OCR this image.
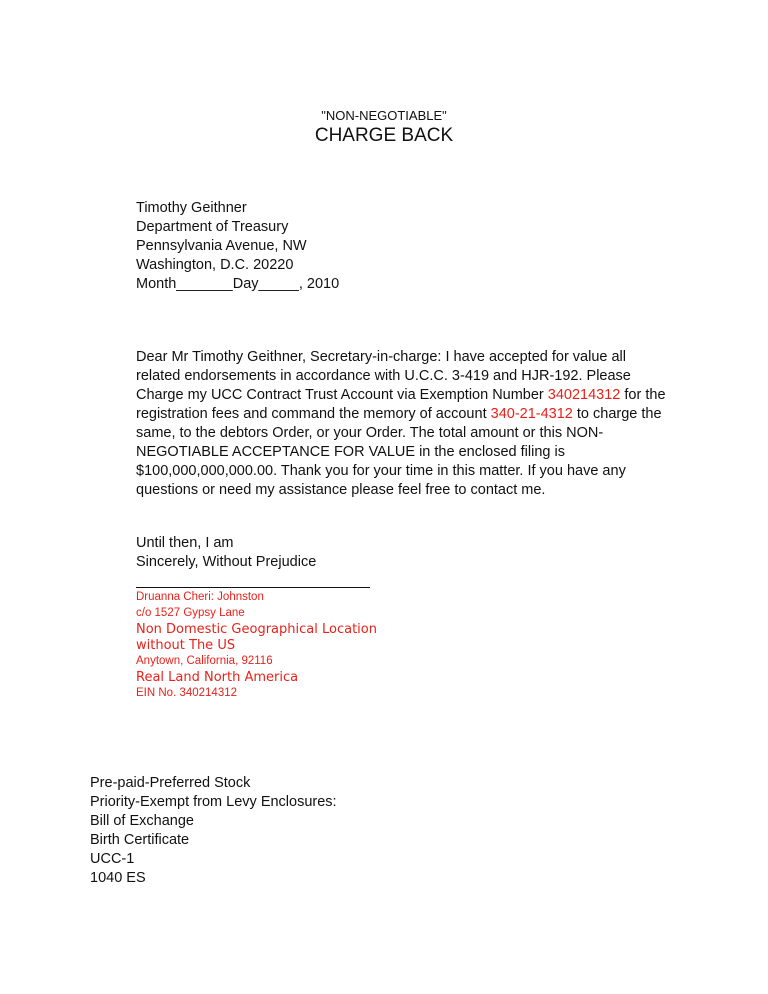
"NON-NEGOTIABLE"
CHARGE BACK
Timothy Geithner
Department of Treasury
Pennsylvania Avenue, NW
Washington, D.C. 20220
Month_______Day_____, 2010
Dear Mr Timothy Geithner, Secretary-in-charge: I have accepted for value all related endorsements in accordance with U.C.C. 3-419 and HJR-192. Please Charge my UCC Contract Trust Account via Exemption Number 340214312 for the registration fees and command the memory of account 340-21-4312 to charge the same, to the debtors Order, or your Order. The total amount or this NON-NEGOTIABLE ACCEPTANCE FOR VALUE in the enclosed filing is $100,000,000,000.00. Thank you for your time in this matter. If you have any questions or need my assistance please feel free to contact me.
Until then, I am
Sincerely, Without Prejudice
Druanna Cheri: Johnston
c/o 1527 Gypsy Lane
Non Domestic Geographical Location
without The US
Anytown, California, 92116
Real Land North America
EIN No. 340214312
Pre-paid-Preferred Stock
Priority-Exempt from Levy Enclosures:
Bill of Exchange
Birth Certificate
UCC-1
1040 ES
